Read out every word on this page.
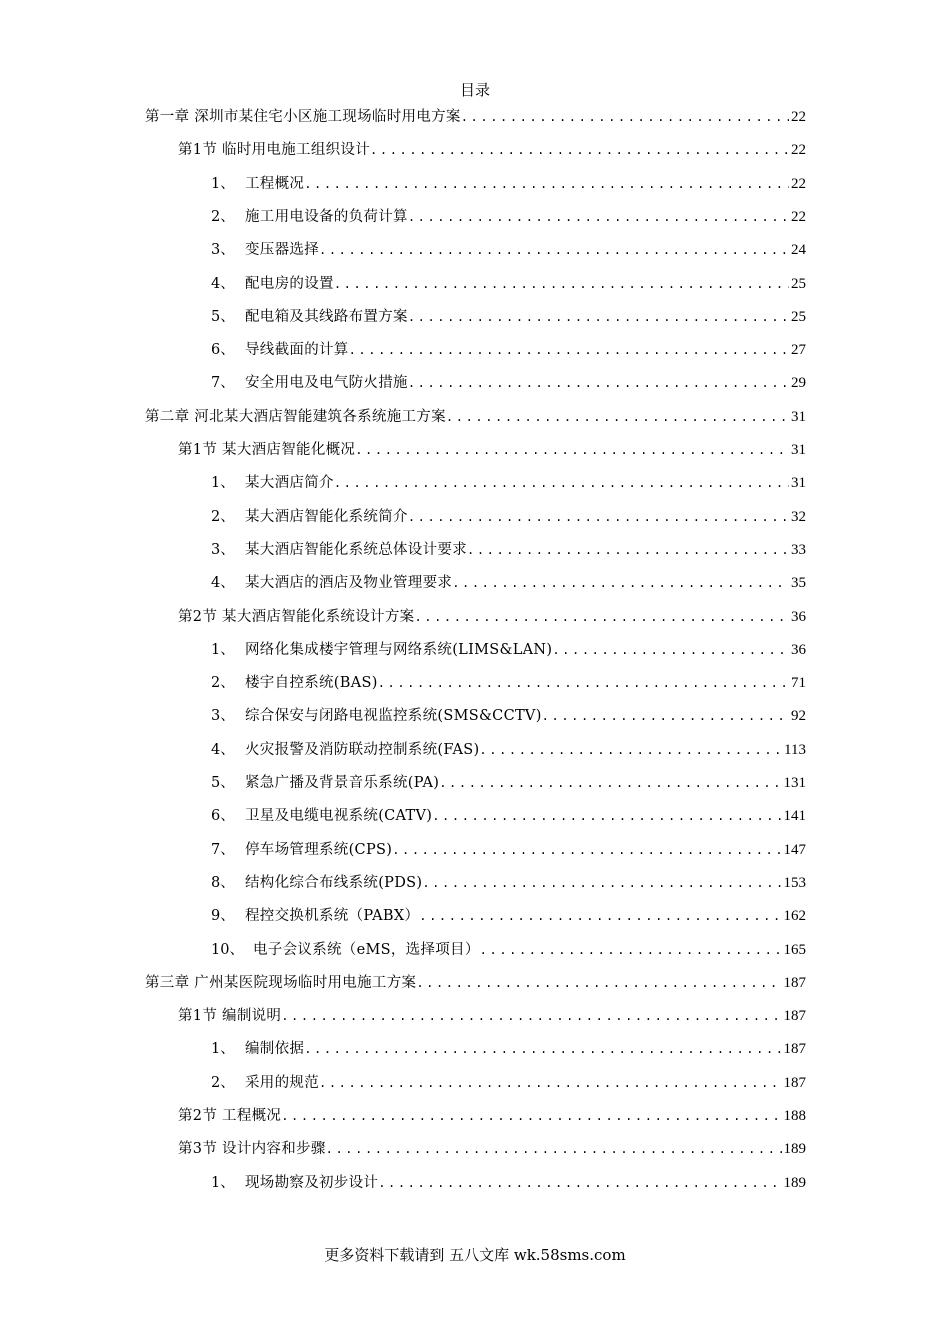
目录
第一章 深圳市某住宅小区施工现场临时用电方案 .....	22
第1节 临时用电施工组织设计 .....	22
1、 工程概况 .....	22
2、 施工用电设备的负荷计算 .....	22
3、 变压器选择 .....	24
4、 配电房的设置 .....	25
5、 配电箱及其线路布置方案 .....	25
6、 导线截面的计算 .....	27
7、 安全用电及电气防火措施 .....	29
第二章 河北某大酒店智能建筑各系统施工方案 .....	31
第1节 某大酒店智能化概况 .....	31
1、 某大酒店简介 .....	31
2、 某大酒店智能化系统简介 .....	32
3、 某大酒店智能化系统总体设计要求 .....	33
4、 某大酒店的酒店及物业管理要求 .....	35
第2节 某大酒店智能化系统设计方案 .....	36
1、 网络化集成楼宇管理与网络系统(LIMS&LAN) .....	36
2、 楼宇自控系统(BAS) .....	71
3、 综合保安与闭路电视监控系统(SMS&CCTV) .....	92
4、 火灾报警及消防联动控制系统(FAS) .....	113
5、 紧急广播及背景音乐系统(PA) .....	131
6、 卫星及电缆电视系统(CATV) .....	141
7、 停车场管理系统(CPS) .....	147
8、 结构化综合布线系统(PDS) .....	153
9、 程控交换机系统（PABX） .....	162
10、 电子会议系统（eMS，选择项目） .....	165
第三章 广州某医院现场临时用电施工方案 .....	187
第1节 编制说明 .....	187
1、 编制依据 .....	187
2、 采用的规范 .....	187
第2节 工程概况 .....	188
第3节 设计内容和步骤 .....	189
1、 现场勘察及初步设计 .....	189
更多资料下载请到 五八文库 wk.58sms.com
